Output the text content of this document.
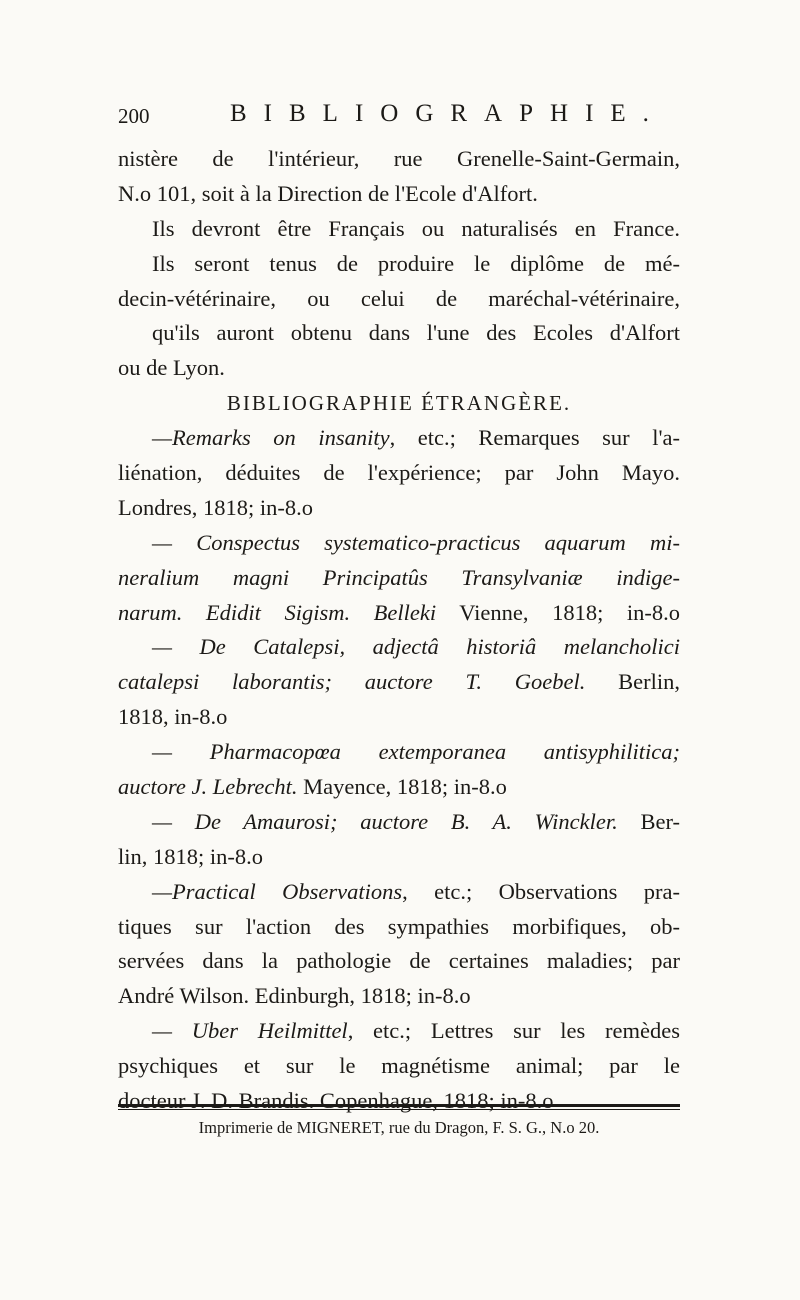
200	BIBLIOGRAPHIE.
nistère de l'intérieur, rue Grenelle-Saint-Germain,
N.o 101, soit à la Direction de l'Ecole d'Alfort.
Ils devront être Français ou naturalisés en France.
Ils seront tenus de produire le diplôme de mé-
decin-vétérinaire, ou celui de maréchal-vétérinaire,
qu'ils auront obtenu dans l'une des Ecoles d'Alfort
ou de Lyon.
BIBLIOGRAPHIE ÉTRANGÈRE.
—Remarks on insanity, etc.; Remarques sur l'a-
liénation, déduites de l'expérience; par John Mayo.
Londres, 1818; in-8.o
— Conspectus systematico-practicus aquarum mi-
neralium magni Principatûs Transylvaniæ indige-
narum. Edidit Sigism. Belleki Vienne, 1818; in-8.o
— De Catalepsi, adjectâ historiâ melancholici
catalepsi laborantis; auctore T. Goebel. Berlin,
1818, in-8.o
— Pharmacopœa extemporanea antisyphilitica;
auctore J. Lebrecht. Mayence, 1818; in-8.o
— De Amaurosi; auctore B. A. Winckler. Ber-
lin, 1818; in-8.o
—Practical Observations, etc.; Observations pra-
tiques sur l'action des sympathies morbifiques, ob-
servées dans la pathologie de certaines maladies; par
André Wilson. Edinburgh, 1818; in-8.o
— Uber Heilmittel, etc.; Lettres sur les remèdes
psychiques et sur le magnétisme animal; par le
docteur J. D. Brandis. Copenhague, 1818; in-8.o
Imprimerie de MIGNERET, rue du Dragon, F. S. G., N.o 20.
